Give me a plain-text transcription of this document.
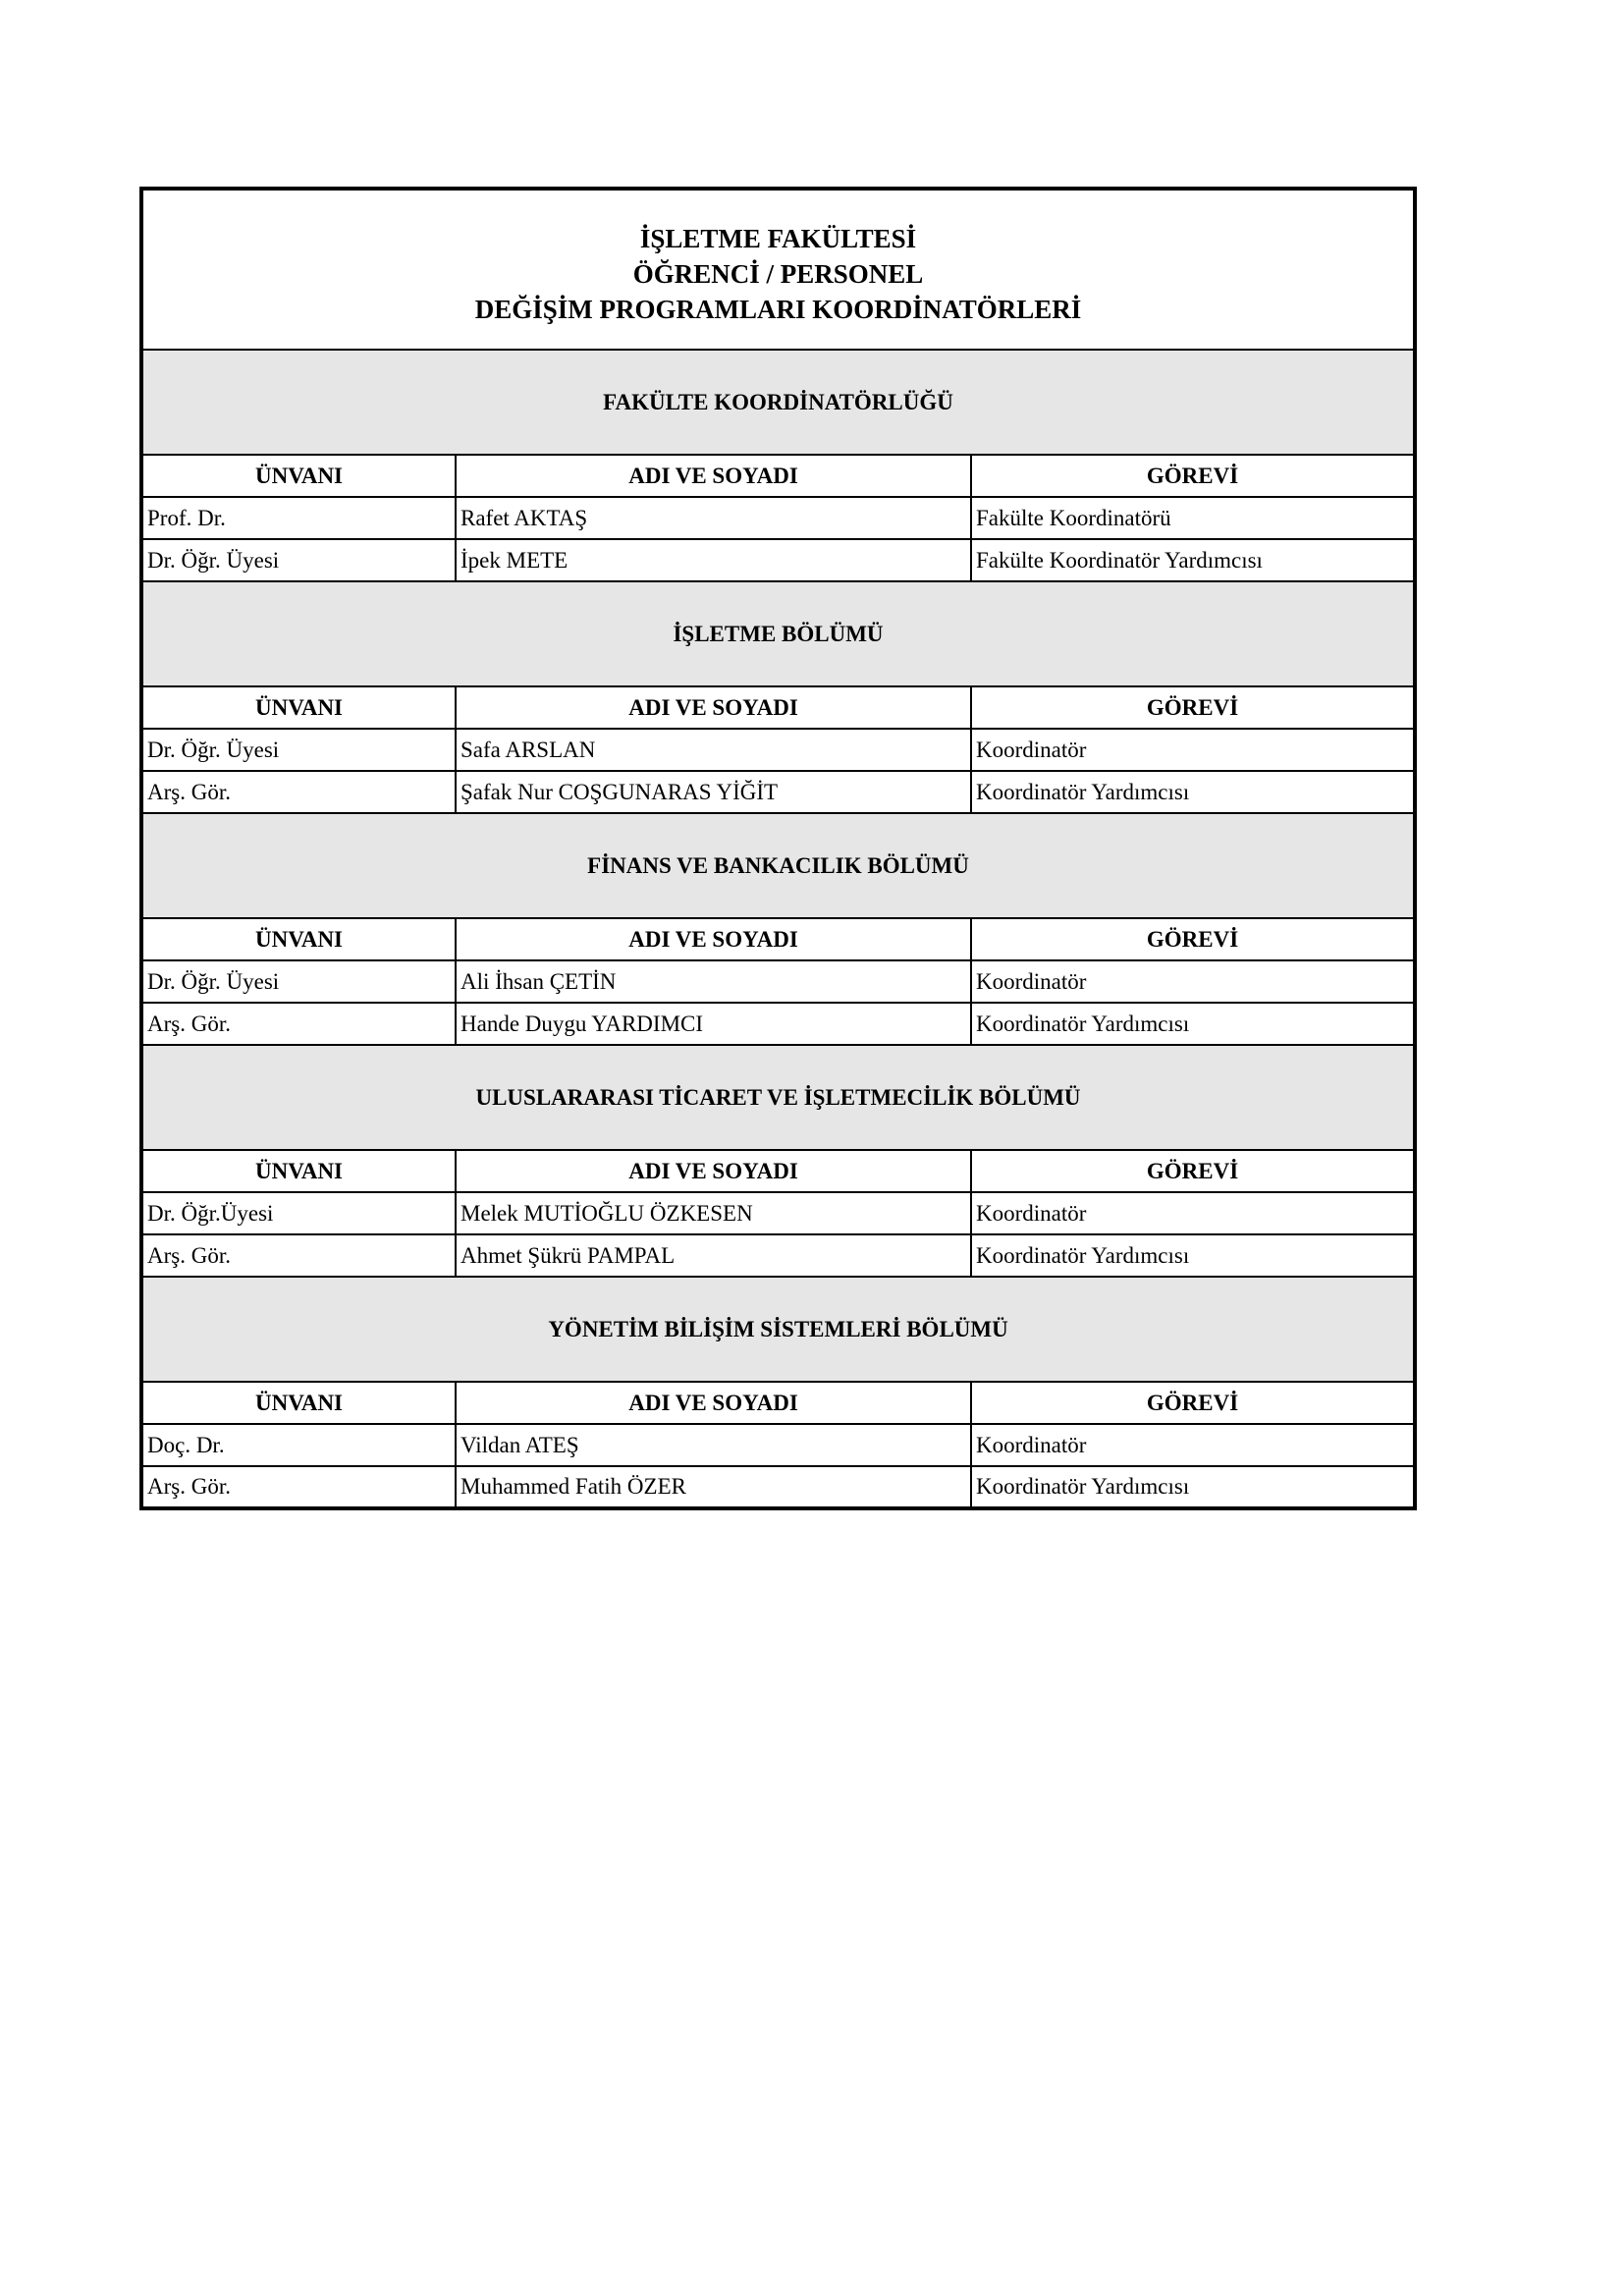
İŞLETME FAKÜLTESİ
ÖĞRENCİ / PERSONEL
DEĞİŞİM PROGRAMLARI KOORDİNATÖRLERİ		

FAKÜLTE KOORDİNATÖRLÜĞÜ		
ÜNVANI	ADI VE SOYADI	GÖREVİ
Prof. Dr.	Rafet AKTAŞ	Fakülte Koordinatörü
Dr. Öğr. Üyesi	İpek METE	Fakülte Koordinatör Yardımcısı
İŞLETME BÖLÜMÜ		
ÜNVANI	ADI VE SOYADI	GÖREVİ
Dr. Öğr. Üyesi	Safa ARSLAN	Koordinatör
Arş. Gör.	Şafak Nur COŞGUNARAS YİĞİT	Koordinatör Yardımcısı
FİNANS VE BANKACILIK BÖLÜMÜ		
ÜNVANI	ADI VE SOYADI	GÖREVİ
Dr. Öğr. Üyesi	Ali İhsan ÇETİN	Koordinatör
Arş. Gör.	Hande Duygu YARDIMCI	Koordinatör Yardımcısı
ULUSLARARASI TİCARET VE İŞLETMECİLİK BÖLÜMÜ		
ÜNVANI	ADI VE SOYADI	GÖREVİ
Dr. Öğr.Üyesi	Melek MUTİOĞLU ÖZKESEN	Koordinatör
Arş. Gör.	Ahmet Şükrü PAMPAL	Koordinatör Yardımcısı
YÖNETİM BİLİŞİM SİSTEMLERİ BÖLÜMÜ		
ÜNVANI	ADI VE SOYADI	GÖREVİ
Doç. Dr.	Vildan ATEŞ	Koordinatör
Arş. Gör.	Muhammed Fatih ÖZER	Koordinatör Yardımcısı
